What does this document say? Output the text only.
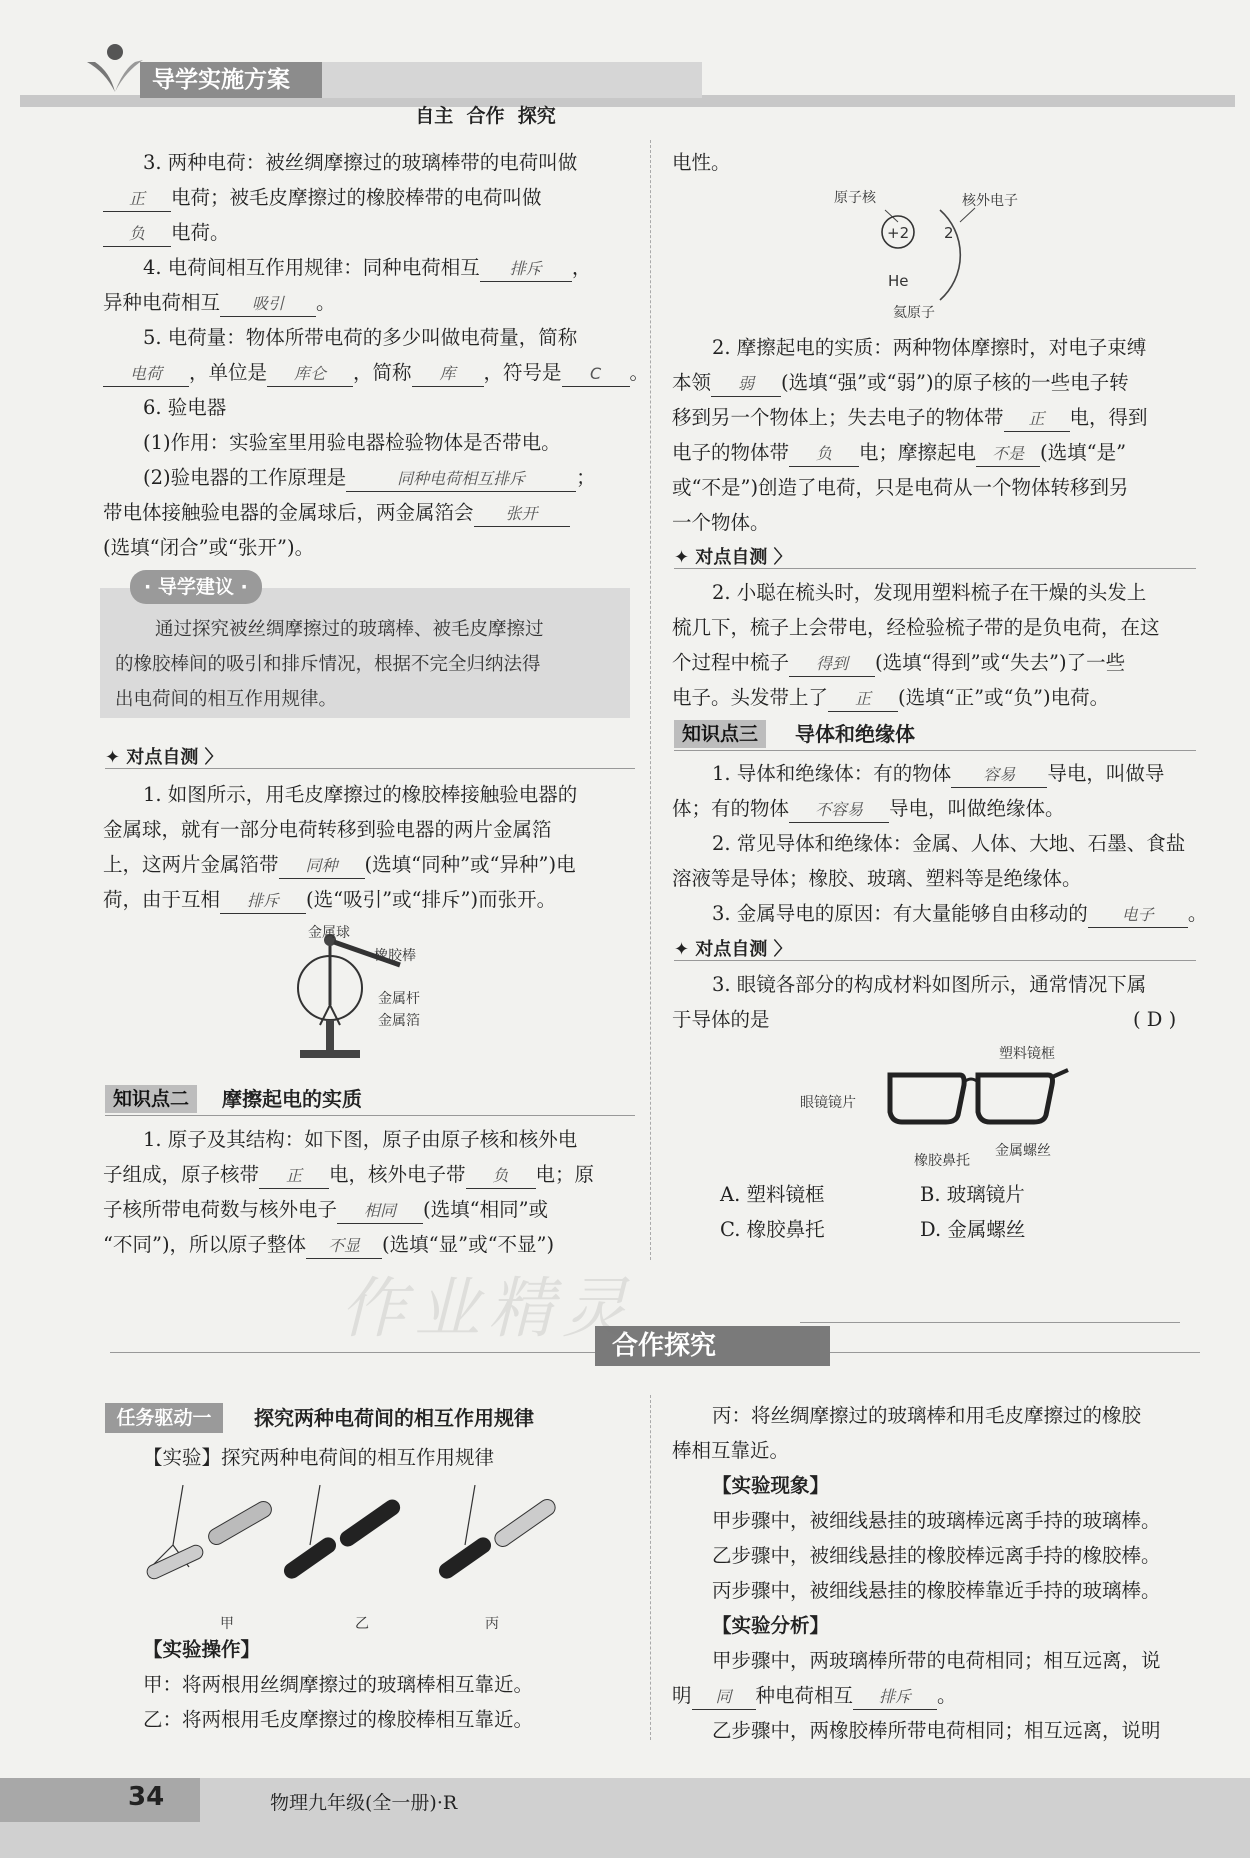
导学实施方案

自主  合作  探究

3. 两种电荷：被丝绸摩擦过的玻璃棒带的电荷叫做
正 电荷；被毛皮摩擦过的橡胶棒带的电荷叫做
负 电荷。
4. 电荷间相互作用规律：同种电荷相互 排斥 ，
异种电荷相互 吸引 。
5. 电荷量：物体所带电荷的多少叫做电荷量，简称
电荷 ，单位是 库仑 ，简称 库 ，符号是 C 。
6. 验电器
(1)作用：实验室里用验电器检验物体是否带电。
(2)验电器的工作原理是	同种电荷相互排斥	；
带电体接触验电器的金属球后，两金属箔会 张开
(选填“闭合”或“张开”)。
· 导学建议 ·
通过探究被丝绸摩擦过的玻璃棒、被毛皮摩擦过
的橡胶棒间的吸引和排斥情况，根据不完全归纳法得
出电荷间的相互作用规律。
✦ 对点自测 〉
1. 如图所示，用毛皮摩擦过的橡胶棒接触验电器的
金属球，就有一部分电荷转移到验电器的两片金属箔
上，这两片金属箔带 同种 (选填“同种”或“异种”)电
荷，由于互相 排斥 (选“吸引”或“排斥”)而张开。
金属球
橡胶棒
金属杆
金属箔
知识点二	摩擦起电的实质
1. 原子及其结构：如下图，原子由原子核和核外电
子组成，原子核带 正 电，核外电子带 负 电；原
子核所带电荷数与核外电子 相同 (选填“相同”或
“不同”)，所以原子整体 不显 (选填“显”或“不显”)
电性。
原子核	核外电子
+2 2
He
氦原子
2. 摩擦起电的实质：两种物体摩擦时，对电子束缚
本领 弱 (选填“强”或“弱”)的原子核的一些电子转
移到另一个物体上；失去电子的物体带 正 电，得到
电子的物体带 负 电；摩擦起电 不是 (选填“是”
或“不是”)创造了电荷，只是电荷从一个物体转移到另
一个物体。
✦ 对点自测 〉
2. 小聪在梳头时，发现用塑料梳子在干燥的头发上
梳几下，梳子上会带电，经检验梳子带的是负电荷，在这
个过程中梳子 得到 (选填“得到”或“失去”)了一些
电子。头发带上了 正 (选填“正”或“负”)电荷。
知识点三	导体和绝缘体
1. 导体和绝缘体：有的物体 容易 导电，叫做导
体；有的物体 不容易 导电，叫做绝缘体。
2. 常见导体和绝缘体：金属、人体、大地、石墨、食盐
溶液等是导体；橡胶、玻璃、塑料等是绝缘体。
3. 金属导电的原因：有大量能够自由移动的 电子 。
✦ 对点自测 〉
3. 眼镜各部分的构成材料如图所示，通常情况下属
于导体的是	( D )
塑料镜框
眼镜镜片
橡胶鼻托
金属螺丝
A. 塑料镜框	B. 玻璃镜片
C. 橡胶鼻托	D. 金属螺丝
合作探究
任务驱动一	探究两种电荷间的相互作用规律
【实验】探究两种电荷间的相互作用规律
甲	乙	丙
【实验操作】
甲：将两根用丝绸摩擦过的玻璃棒相互靠近。
乙：将两根用毛皮摩擦过的橡胶棒相互靠近。
丙：将丝绸摩擦过的玻璃棒和用毛皮摩擦过的橡胶
棒相互靠近。
【实验现象】
甲步骤中，被细线悬挂的玻璃棒远离手持的玻璃棒。
乙步骤中，被细线悬挂的橡胶棒远离手持的橡胶棒。
丙步骤中，被细线悬挂的橡胶棒靠近手持的玻璃棒。
【实验分析】
甲步骤中，两玻璃棒所带的电荷相同；相互远离，说
明 同 种电荷相互 排斥 。
乙步骤中，两橡胶棒所带电荷相同；相互远离，说明
34	物理九年级(全一册)·R
作业精灵
